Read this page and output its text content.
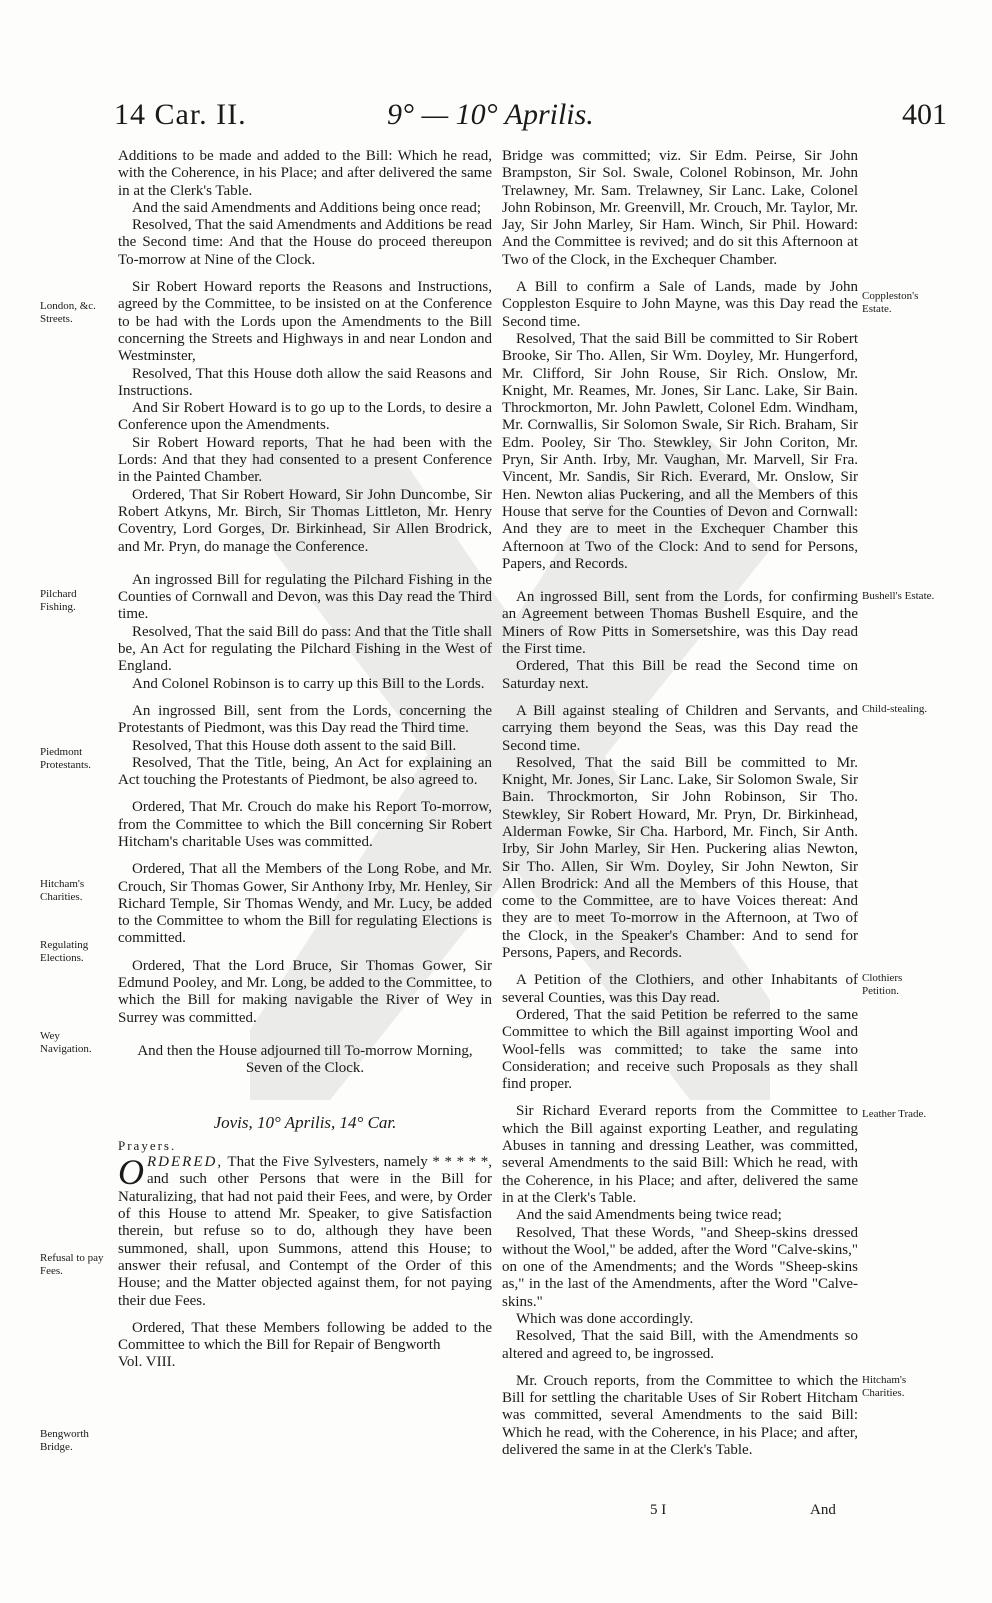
14 Car. II.	9° — 10° Aprilis.	401

Additions to be made and added to the Bill: Which he read, with the Coherence, in his Place; and after delivered the same in at the Clerk's Table.

And the said Amendments and Additions being once read;

Resolved, That the said Amendments and Additions be read the Second time: And that the House do proceed thereupon To-morrow at Nine of the Clock.

Sir Robert Howard reports the Reasons and Instructions, agreed by the Committee, to be insisted on at the Conference to be had with the Lords upon the Amendments to the Bill concerning the Streets and Highways in and near London and Westminster,

Resolved, That this House doth allow the said Reasons and Instructions.

And Sir Robert Howard is to go up to the Lords, to desire a Conference upon the Amendments.

Sir Robert Howard reports, That he had been with the Lords: And that they had consented to a present Conference in the Painted Chamber.

Ordered, That Sir Robert Howard, Sir John Duncombe, Sir Robert Atkyns, Mr. Birch, Sir Thomas Littleton, Mr. Henry Coventry, Lord Gorges, Dr. Birkinhead, Sir Allen Brodrick, and Mr. Pryn, do manage the Conference.

An ingrossed Bill for regulating the Pilchard Fishing in the Counties of Cornwall and Devon, was this Day read the Third time.

Resolved, That the said Bill do pass: And that the Title shall be, An Act for regulating the Pilchard Fishing in the West of England.

And Colonel Robinson is to carry up this Bill to the Lords.

An ingrossed Bill, sent from the Lords, concerning the Protestants of Piedmont, was this Day read the Third time.

Resolved, That this House doth assent to the said Bill.

Resolved, That the Title, being, An Act for explaining an Act touching the Protestants of Piedmont, be also agreed to.

Ordered, That Mr. Crouch do make his Report To-morrow, from the Committee to which the Bill concerning Sir Robert Hitcham's charitable Uses was committed.

Ordered, That all the Members of the Long Robe, and Mr. Crouch, Sir Thomas Gower, Sir Anthony Irby, Mr. Henley, Sir Richard Temple, Sir Thomas Wendy, and Mr. Lucy, be added to the Committee to whom the Bill for regulating Elections is committed.

Ordered, That the Lord Bruce, Sir Thomas Gower, Sir Edmund Pooley, and Mr. Long, be added to the Committee, to which the Bill for making navigable the River of Wey in Surrey was committed.

And then the House adjourned till To-morrow Morning, Seven of the Clock.

Jovis, 10° Aprilis, 14° Car.

Prayers.

ORDERED, That the Five Sylvesters, namely * * * * *, and such other Persons that were in the Bill for Naturalizing, that had not paid their Fees, and were, by Order of this House to attend Mr. Speaker, to give Satisfaction therein, but refuse so to do, although they have been summoned, shall, upon Summons, attend this House; to answer their refusal, and Contempt of the Order of this House; and the Matter objected against them, for not paying their due Fees.

Ordered, That these Members following be added to the Committee to which the Bill for Repair of Bengworth

Vol. VIII.

Bridge was committed; viz. Sir Edm. Peirse, Sir John Brampston, Sir Sol. Swale, Colonel Robinson, Mr. John Trelawney, Mr. Sam. Trelawney, Sir Lanc. Lake, Colonel John Robinson, Mr. Greenvill, Mr. Crouch, Mr. Taylor, Mr. Jay, Sir John Marley, Sir Ham. Winch, Sir Phil. Howard: And the Committee is revived; and do sit this Afternoon at Two of the Clock, in the Exchequer Chamber.

A Bill to confirm a Sale of Lands, made by John Coppleston Esquire to John Mayne, was this Day read the Second time.

Resolved, That the said Bill be committed to Sir Robert Brooke, Sir Tho. Allen, Sir Wm. Doyley, Mr. Hungerford, Mr. Clifford, Sir John Rouse, Sir Rich. Onslow, Mr. Knight, Mr. Reames, Mr. Jones, Sir Lanc. Lake, Sir Bain. Throckmorton, Mr. John Pawlett, Colonel Edm. Windham, Mr. Cornwallis, Sir Solomon Swale, Sir Rich. Braham, Sir Edm. Pooley, Sir Tho. Stewkley, Sir John Coriton, Mr. Pryn, Sir Anth. Irby, Mr. Vaughan, Mr. Marvell, Sir Fra. Vincent, Mr. Sandis, Sir Rich. Everard, Mr. Onslow, Sir Hen. Newton alias Puckering, and all the Members of this House that serve for the Counties of Devon and Cornwall: And they are to meet in the Exchequer Chamber this Afternoon at Two of the Clock: And to send for Persons, Papers, and Records.

An ingrossed Bill, sent from the Lords, for confirming an Agreement between Thomas Bushell Esquire, and the Miners of Row Pitts in Somersetshire, was this Day read the First time.

Ordered, That this Bill be read the Second time on Saturday next.

A Bill against stealing of Children and Servants, and carrying them beyond the Seas, was this Day read the Second time.

Resolved, That the said Bill be committed to Mr. Knight, Mr. Jones, Sir Lanc. Lake, Sir Solomon Swale, Sir Bain. Throckmorton, Sir John Robinson, Sir Tho. Stewkley, Sir Robert Howard, Mr. Pryn, Dr. Birkinhead, Alderman Fowke, Sir Cha. Harbord, Mr. Finch, Sir Anth. Irby, Sir John Marley, Sir Hen. Puckering alias Newton, Sir Tho. Allen, Sir Wm. Doyley, Sir John Newton, Sir Allen Brodrick: And all the Members of this House, that come to the Committee, are to have Voices thereat: And they are to meet To-morrow in the Afternoon, at Two of the Clock, in the Speaker's Chamber: And to send for Persons, Papers, and Records.

A Petition of the Clothiers, and other Inhabitants of several Counties, was this Day read.

Ordered, That the said Petition be referred to the same Committee to which the Bill against importing Wool and Wool-fells was committed; to take the same into Consideration; and receive such Proposals as they shall find proper.

Sir Richard Everard reports from the Committee to which the Bill against exporting Leather, and regulating Abuses in tanning and dressing Leather, was committed, several Amendments to the said Bill: Which he read, with the Coherence, in his Place; and after, delivered the same in at the Clerk's Table.

And the said Amendments being twice read;

Resolved, That these Words, "and Sheep-skins dressed without the Wool," be added, after the Word "Calve-skins," on one of the Amendments; and the Words "Sheep-skins as," in the last of the Amendments, after the Word "Calve-skins."

Which was done accordingly.

Resolved, That the said Bill, with the Amendments so altered and agreed to, be ingrossed.

Mr. Crouch reports, from the Committee to which the Bill for settling the charitable Uses of Sir Robert Hitcham was committed, several Amendments to the said Bill: Which he read, with the Coherence, in his Place; and after, delivered the same in at the Clerk's Table.

5 I	And
London, &c. Streets.
Pilchard Fishing.
Piedmont Protestants.
Hitcham's Charities.
Regulating Elections.
Wey Navigation.
Refusal to pay Fees.
Bengworth Bridge.
Coppleston's Estate.
Bushell's Estate.
Child-stealing.
Clothiers Petition.
Leather Trade.
Hitcham's Charities.
